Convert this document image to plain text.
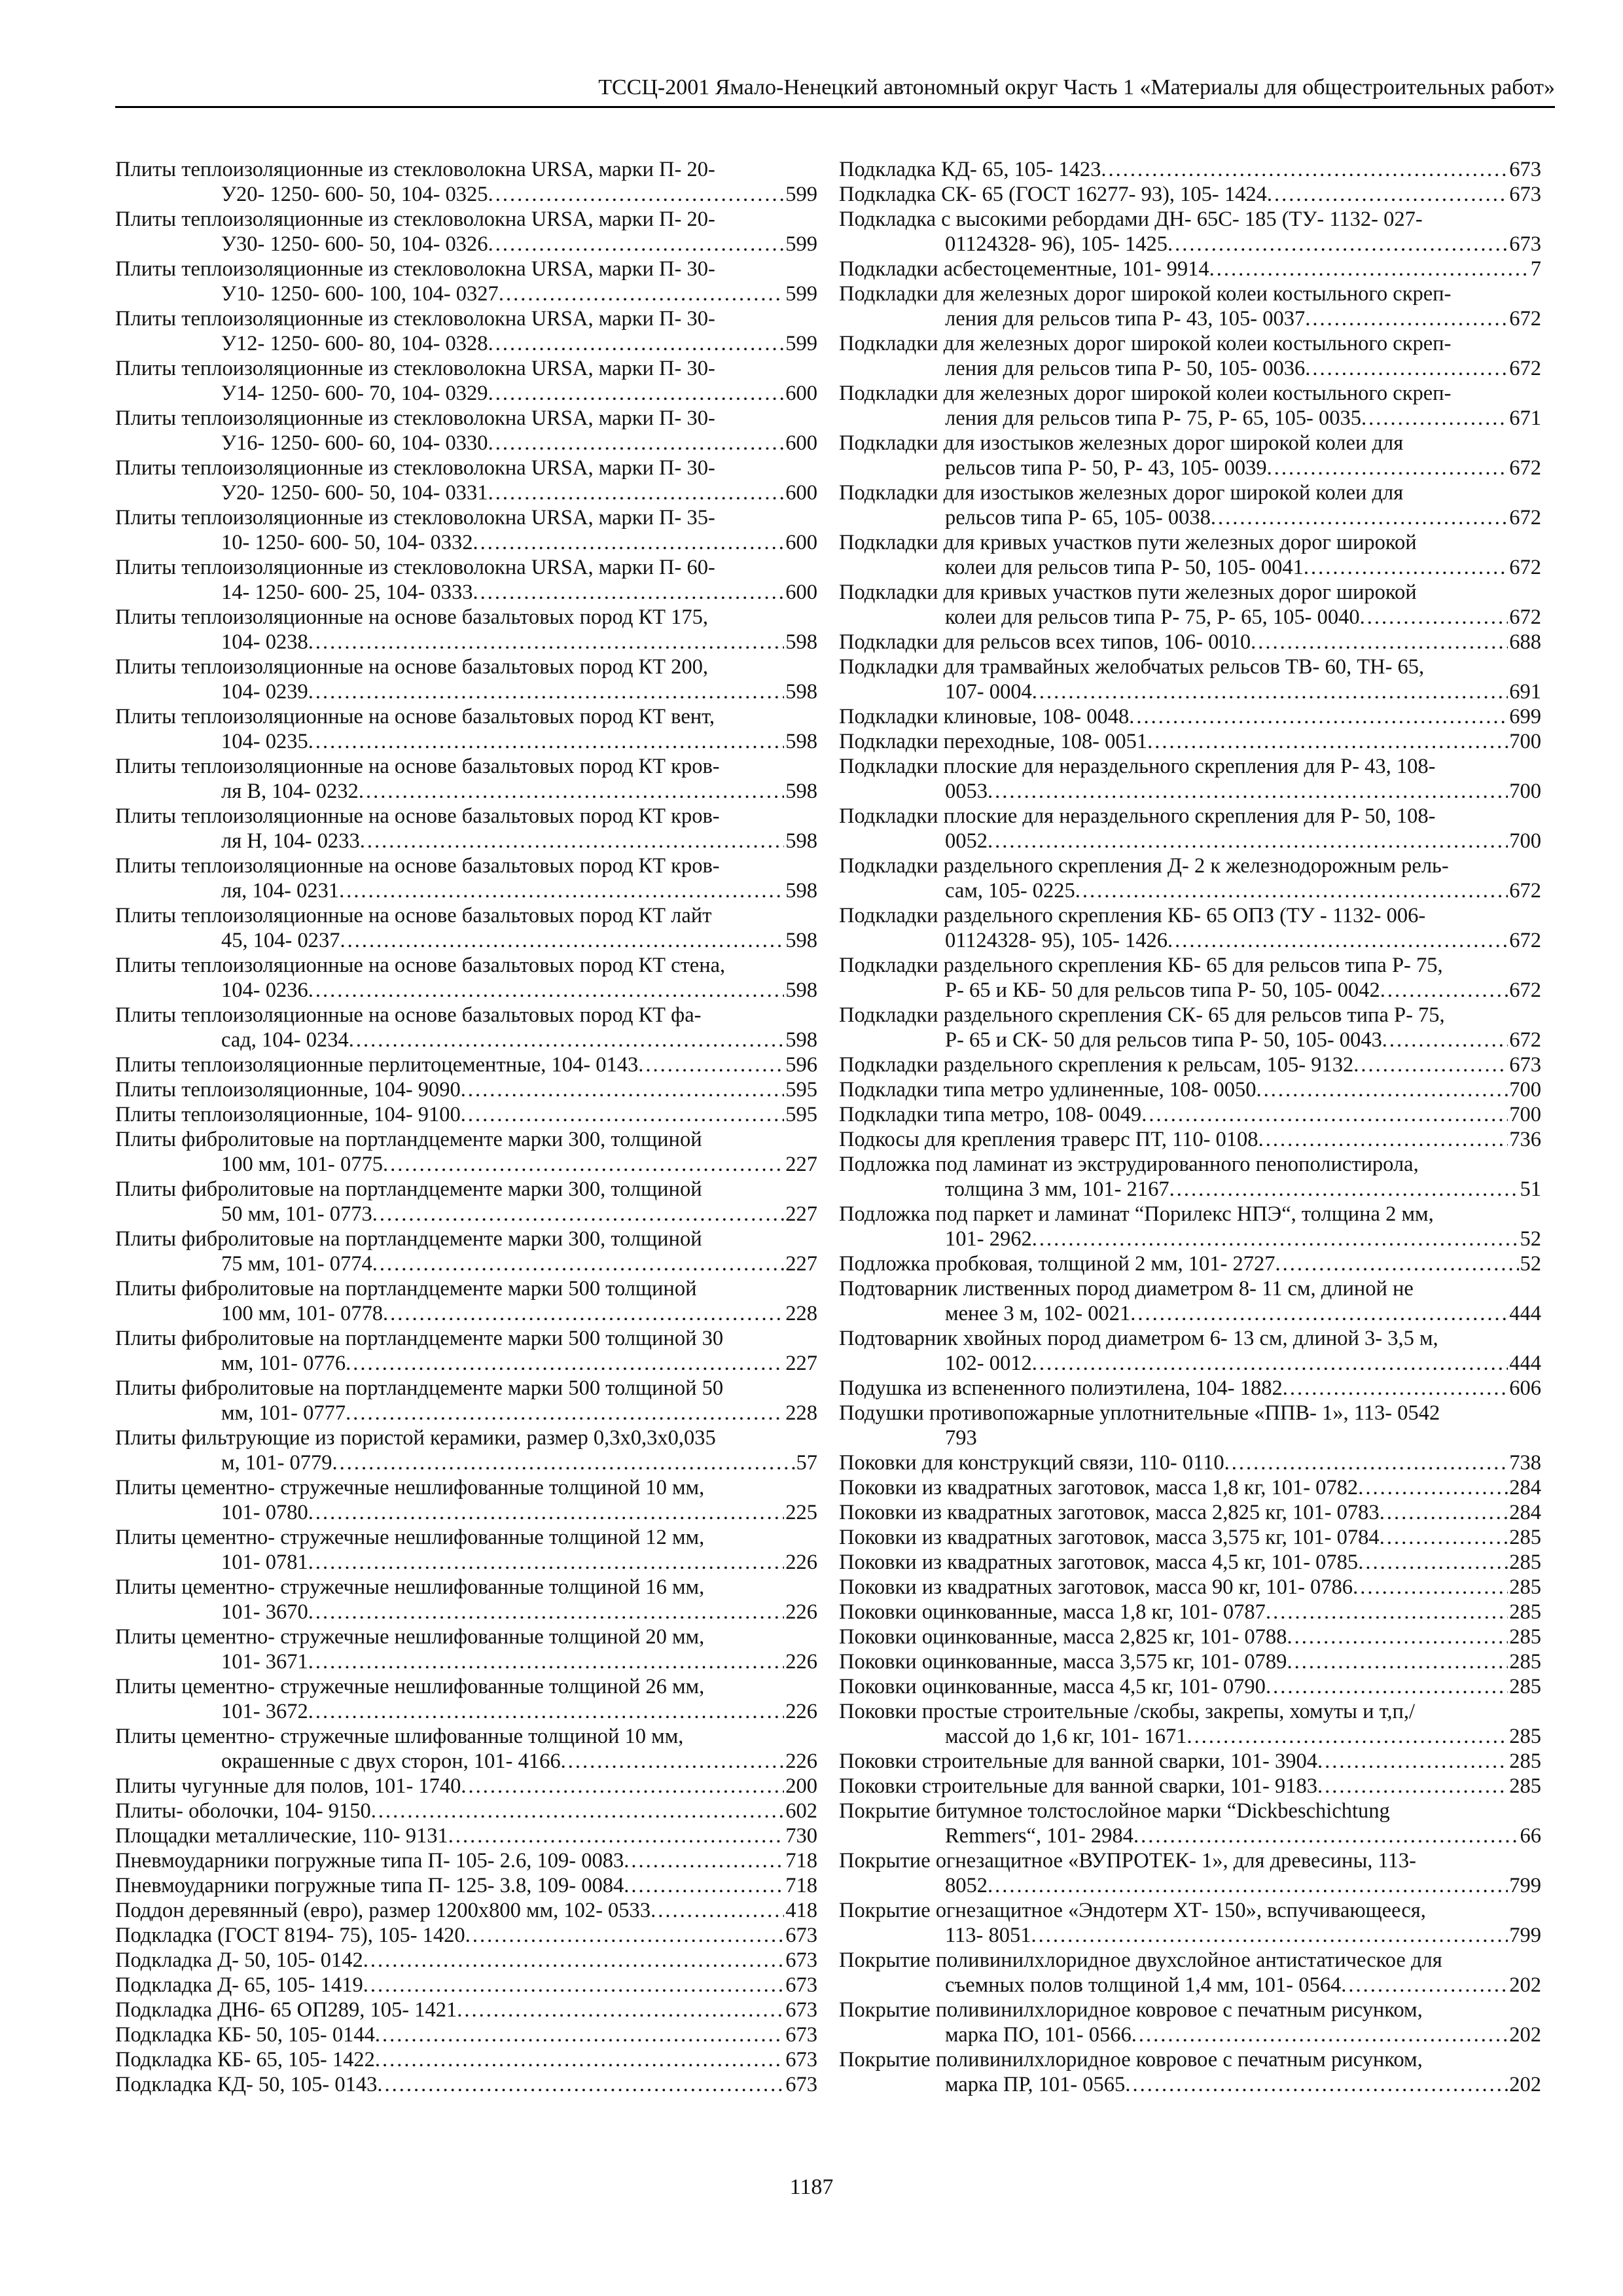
ТССЦ-2001 Ямало-Ненецкий автономный округ Часть 1 «Материалы для общестроительных работ»
Плиты теплоизоляционные из стекловолокна URSA, марки П- 20-
У20- 1250- 600- 50, 104- 0325 .....	599
Плиты теплоизоляционные из стекловолокна URSA, марки П- 20-
У30- 1250- 600- 50, 104- 0326 .....	599
Плиты теплоизоляционные из стекловолокна URSA, марки П- 30-
У10- 1250- 600- 100, 104- 0327 .....	599
Плиты теплоизоляционные из стекловолокна URSA, марки П- 30-
У12- 1250- 600- 80, 104- 0328 .....	599
Плиты теплоизоляционные из стекловолокна URSA, марки П- 30-
У14- 1250- 600- 70, 104- 0329 .....	600
Плиты теплоизоляционные из стекловолокна URSA, марки П- 30-
У16- 1250- 600- 60, 104- 0330 .....	600
Плиты теплоизоляционные из стекловолокна URSA, марки П- 30-
У20- 1250- 600- 50, 104- 0331 .....	600
Плиты теплоизоляционные из стекловолокна URSA, марки П- 35-
10- 1250- 600- 50, 104- 0332 .....	600
Плиты теплоизоляционные из стекловолокна URSA, марки П- 60-
14- 1250- 600- 25, 104- 0333 .....	600
Плиты теплоизоляционные на основе базальтовых пород КТ 175,
104- 0238 .....	598
Плиты теплоизоляционные на основе базальтовых пород КТ 200,
104- 0239 .....	598
Плиты теплоизоляционные на основе базальтовых пород КТ вент,
104- 0235 .....	598
Плиты теплоизоляционные на основе базальтовых пород КТ кров-
ля В, 104- 0232 .....	598
Плиты теплоизоляционные на основе базальтовых пород КТ кров-
ля Н, 104- 0233 .....	598
Плиты теплоизоляционные на основе базальтовых пород КТ кров-
ля, 104- 0231 .....	598
Плиты теплоизоляционные на основе базальтовых пород КТ лайт
45, 104- 0237 .....	598
Плиты теплоизоляционные на основе базальтовых пород КТ стена,
104- 0236 .....	598
Плиты теплоизоляционные на основе базальтовых пород КТ фа-
сад, 104- 0234 .....	598
Плиты теплоизоляционные перлитоцементные, 104- 0143 .....	596
Плиты теплоизоляционные, 104- 9090 .....	595
Плиты теплоизоляционные, 104- 9100 .....	595
Плиты фибролитовые на портландцементе марки 300, толщиной
100 мм, 101- 0775 .....	227
Плиты фибролитовые на портландцементе марки 300, толщиной
50 мм, 101- 0773 .....	227
Плиты фибролитовые на портландцементе марки 300, толщиной
75 мм, 101- 0774 .....	227
Плиты фибролитовые на портландцементе марки 500 толщиной
100 мм, 101- 0778 .....	228
Плиты фибролитовые на портландцементе марки 500 толщиной 30
мм, 101- 0776 .....	227
Плиты фибролитовые на портландцементе марки 500 толщиной 50
мм, 101- 0777 .....	228
Плиты фильтрующие из пористой керамики, размер 0,3х0,3х0,035
м, 101- 0779 .....	57
Плиты цементно- стружечные нешлифованные толщиной 10 мм,
101- 0780 .....	225
Плиты цементно- стружечные нешлифованные толщиной 12 мм,
101- 0781 .....	226
Плиты цементно- стружечные нешлифованные толщиной 16 мм,
101- 3670 .....	226
Плиты цементно- стружечные нешлифованные толщиной 20 мм,
101- 3671 .....	226
Плиты цементно- стружечные нешлифованные толщиной 26 мм,
101- 3672 .....	226
Плиты цементно- стружечные шлифованные толщиной 10 мм,
окрашенные с двух сторон, 101- 4166 .....	226
Плиты чугунные для полов, 101- 1740 .....	200
Плиты- оболочки, 104- 9150 .....	602
Площадки металлические, 110- 9131 .....	730
Пневмоударники погружные типа П- 105- 2.6, 109- 0083 .....	718
Пневмоударники погружные типа П- 125- 3.8, 109- 0084 .....	718
Поддон деревянный (евро), размер 1200х800 мм, 102- 0533 .....	418
Подкладка (ГОСТ 8194- 75), 105- 1420 .....	673
Подкладка Д- 50, 105- 0142 .....	673
Подкладка Д- 65, 105- 1419 .....	673
Подкладка ДН6- 65 ОП289, 105- 1421 .....	673
Подкладка КБ- 50, 105- 0144 .....	673
Подкладка КБ- 65, 105- 1422 .....	673
Подкладка КД- 50, 105- 0143 .....	673
Подкладка КД- 65, 105- 1423 .....	673
Подкладка СК- 65 (ГОСТ 16277- 93), 105- 1424 .....	673
Подкладка с высокими ребордами ДН- 65С- 185 (ТУ- 1132- 027-
01124328- 96), 105- 1425 .....	673
Подкладки асбестоцементные, 101- 9914 .....	7
Подкладки для железных дорог широкой колеи костыльного скреп-
ления для рельсов типа Р- 43, 105- 0037 .....	672
Подкладки для железных дорог широкой колеи костыльного скреп-
ления для рельсов типа Р- 50, 105- 0036 .....	672
Подкладки для железных дорог широкой колеи костыльного скреп-
ления для рельсов типа Р- 75, Р- 65, 105- 0035 .....	671
Подкладки для изостыков железных дорог широкой колеи для
рельсов типа Р- 50, Р- 43, 105- 0039 .....	672
Подкладки для изостыков железных дорог широкой колеи для
рельсов типа Р- 65, 105- 0038 .....	672
Подкладки для кривых участков пути железных дорог широкой
колеи для рельсов типа Р- 50, 105- 0041 .....	672
Подкладки для кривых участков пути железных дорог широкой
колеи для рельсов типа Р- 75, Р- 65, 105- 0040 .....	672
Подкладки для рельсов всех типов, 106- 0010 .....	688
Подкладки для трамвайных желобчатых рельсов ТВ- 60, ТН- 65,
107- 0004 .....	691
Подкладки клиновые, 108- 0048 .....	699
Подкладки переходные, 108- 0051 .....	700
Подкладки плоские для нераздельного скрепления для Р- 43, 108-
0053 .....	700
Подкладки плоские для нераздельного скрепления для Р- 50, 108-
0052 .....	700
Подкладки раздельного скрепления Д- 2 к железнодорожным рель-
сам, 105- 0225 .....	672
Подкладки раздельного скрепления КБ- 65 ОПЗ (ТУ - 1132- 006-
01124328- 95), 105- 1426 .....	672
Подкладки раздельного скрепления КБ- 65 для рельсов типа Р- 75,
Р- 65 и КБ- 50 для рельсов типа Р- 50, 105- 0042 .....	672
Подкладки раздельного скрепления СК- 65 для рельсов типа Р- 75,
Р- 65 и СК- 50 для рельсов типа Р- 50, 105- 0043 .....	672
Подкладки раздельного скрепления к рельсам, 105- 9132 .....	673
Подкладки типа метро удлиненные, 108- 0050 .....	700
Подкладки типа метро, 108- 0049 .....	700
Подкосы для крепления траверс ПТ, 110- 0108 .....	736
Подложка под ламинат из экструдированного пенополистирола,
толщина 3 мм, 101- 2167 .....	51
Подложка под паркет и ламинат “Порилекс НПЭ“, толщина 2 мм,
101- 2962 .....	52
Подложка пробковая, толщиной 2 мм, 101- 2727 .....	52
Подтоварник лиственных пород диаметром 8- 11 см, длиной не
менее 3 м, 102- 0021 .....	444
Подтоварник хвойных пород диаметром 6- 13 см, длиной 3- 3,5 м,
102- 0012 .....	444
Подушка из вспененного полиэтилена, 104- 1882 .....	606
Подушки противопожарные уплотнительные «ППВ- 1», 113- 0542
793
Поковки для конструкций связи, 110- 0110 .....	738
Поковки из квадратных заготовок, масса 1,8 кг, 101- 0782 .....	284
Поковки из квадратных заготовок, масса 2,825 кг, 101- 0783 .....	284
Поковки из квадратных заготовок, масса 3,575 кг, 101- 0784 .....	285
Поковки из квадратных заготовок, масса 4,5 кг, 101- 0785 .....	285
Поковки из квадратных заготовок, масса 90 кг, 101- 0786 .....	285
Поковки оцинкованные, масса 1,8 кг, 101- 0787 .....	285
Поковки оцинкованные, масса 2,825 кг, 101- 0788 .....	285
Поковки оцинкованные, масса 3,575 кг, 101- 0789 .....	285
Поковки оцинкованные, масса 4,5 кг, 101- 0790 .....	285
Поковки простые строительные /скобы, закрепы, хомуты и т,п,/
массой до 1,6 кг, 101- 1671 .....	285
Поковки строительные для ванной сварки, 101- 3904 .....	285
Поковки строительные для ванной сварки, 101- 9183 .....	285
Покрытие битумное толстослойное марки “Dickbeschichtung
Remmers“, 101- 2984 .....	66
Покрытие огнезащитное «ВУПРОТЕК- 1», для древесины, 113-
8052 .....	799
Покрытие огнезащитное «Эндотерм ХТ- 150», вспучивающееся,
113- 8051 .....	799
Покрытие поливинилхлоридное двухслойное антистатическое для
съемных полов толщиной 1,4 мм, 101- 0564 .....	202
Покрытие поливинилхлоридное ковровое с печатным рисунком,
марка ПО, 101- 0566 .....	202
Покрытие поливинилхлоридное ковровое с печатным рисунком,
марка ПР, 101- 0565 .....	202
1187
